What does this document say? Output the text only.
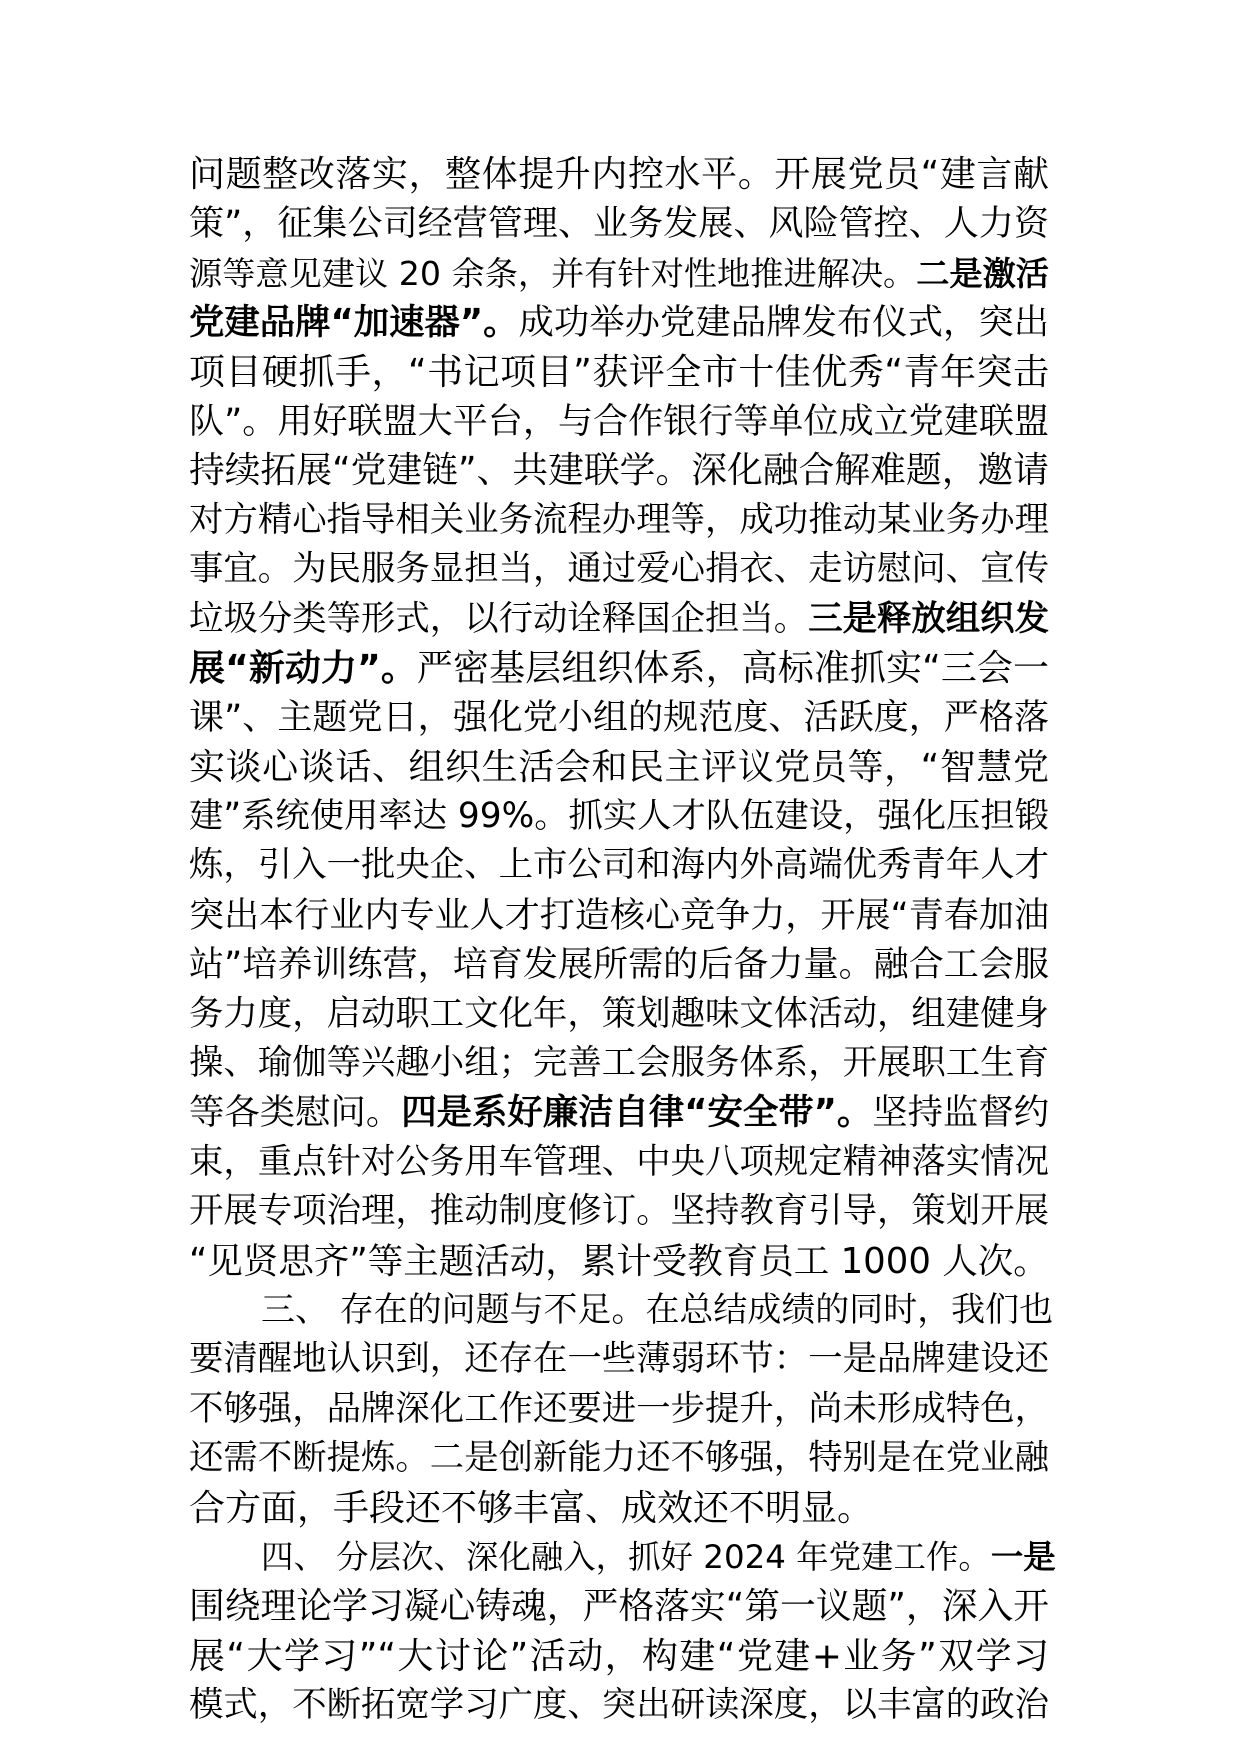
问题整改落实，整体提升内控水平。开展党员“建言献
策”，征集公司经营管理、业务发展、风险管控、人力资
源等意见建议 20 余条，并有针对性地推进解决。二是激活
党建品牌“加速器”。成功举办党建品牌发布仪式，突出
项目硬抓手，“书记项目”获评全市十佳优秀“青年突击
队”。用好联盟大平台，与合作银行等单位成立党建联盟
持续拓展“党建链”、共建联学。深化融合解难题，邀请
对方精心指导相关业务流程办理等，成功推动某业务办理
事宜。为民服务显担当，通过爱心捐衣、走访慰问、宣传
垃圾分类等形式，以行动诠释国企担当。三是释放组织发
展“新动力”。严密基层组织体系，高标准抓实“三会一
课”、主题党日，强化党小组的规范度、活跃度，严格落
实谈心谈话、组织生活会和民主评议党员等，“智慧党
建”系统使用率达 99%。抓实人才队伍建设，强化压担锻
炼，引入一批央企、上市公司和海内外高端优秀青年人才
突出本行业内专业人才打造核心竞争力，开展“青春加油
站”培养训练营，培育发展所需的后备力量。融合工会服
务力度，启动职工文化年，策划趣味文体活动，组建健身
操、瑜伽等兴趣小组；完善工会服务体系，开展职工生育
等各类慰问。四是系好廉洁自律“安全带”。坚持监督约
束，重点针对公务用车管理、中央八项规定精神落实情况
开展专项治理，推动制度修订。坚持教育引导，策划开展
“见贤思齐”等主题活动，累计受教育员工 1000 人次。
三、 存在的问题与不足。在总结成绩的同时，我们也
要清醒地认识到，还存在一些薄弱环节：一是品牌建设还
不够强，品牌深化工作还要进一步提升，尚未形成特色，
还需不断提炼。二是创新能力还不够强，特别是在党业融
合方面，手段还不够丰富、成效还不明显。
四、 分层次、深化融入，抓好 2024 年党建工作。一是
围绕理论学习凝心铸魂，严格落实“第一议题”，深入开
展“大学习”“大讨论”活动，构建“党建+业务”双学习
模式，不断拓宽学习广度、突出研读深度，以丰富的政治
